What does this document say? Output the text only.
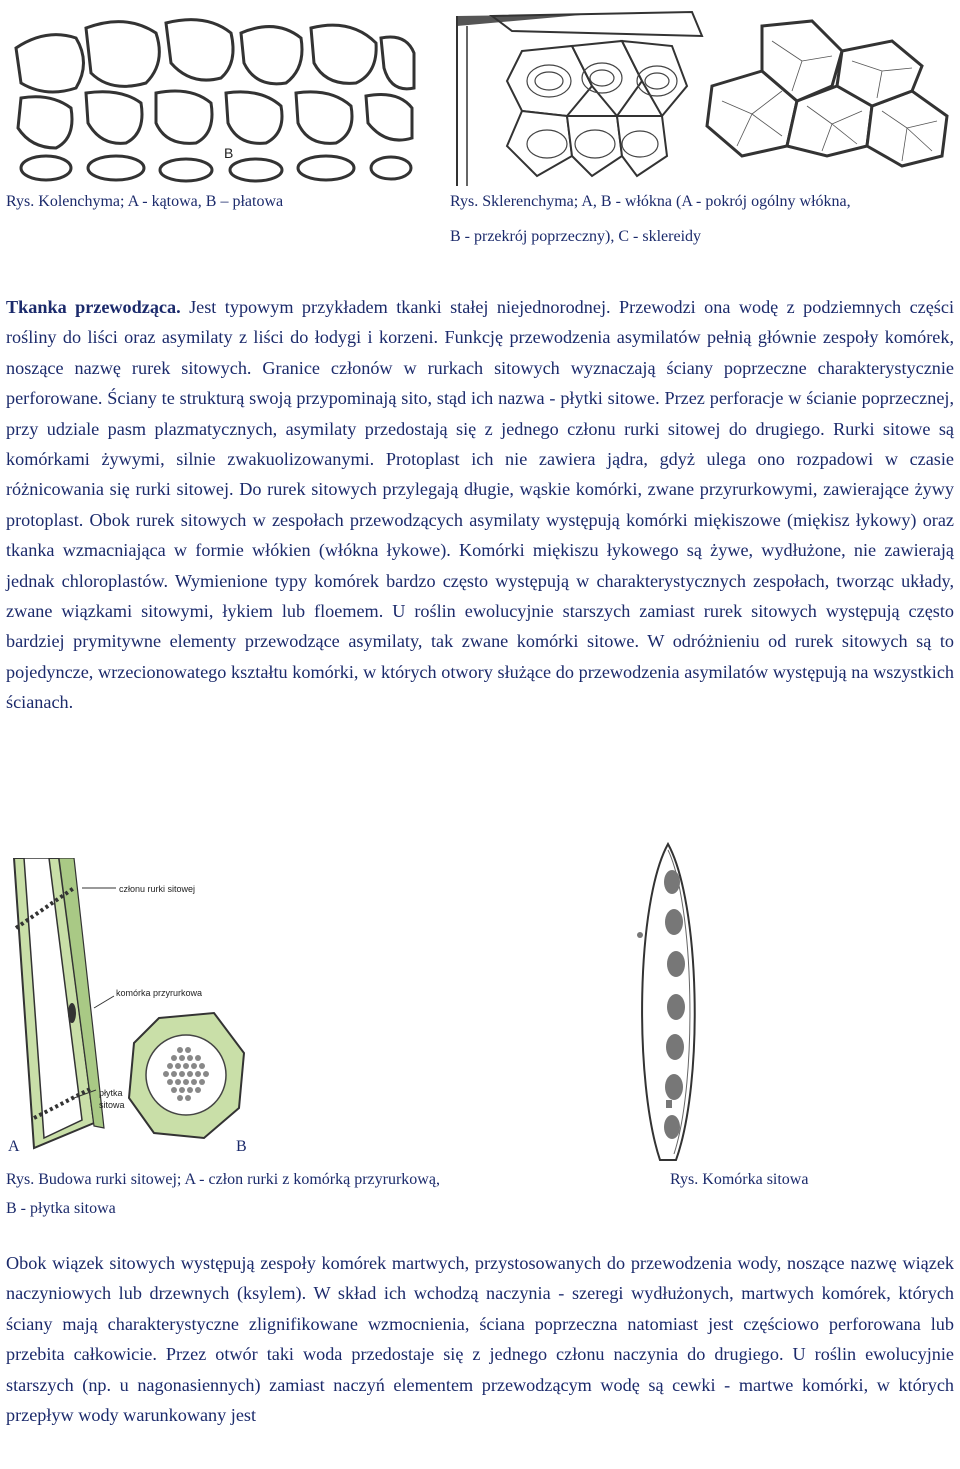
B
Rys. Kolenchyma; A - kątowa, B – płatowa	Rys. Sklerenchyma; A, B - włókna (A - pokrój ogólny włókna,
B - przekrój poprzeczny), C - sklereidy
Tkanka przewodząca. Jest typowym przykładem tkanki stałej niejednorodnej. Przewodzi ona wodę z podziemnych części rośliny do liści oraz asymilaty z liści do łodygi i korzeni. Funkcję przewodzenia asymilatów pełnią głównie zespoły komórek, noszące nazwę rurek sitowych. Granice członów w rurkach sitowych wyznaczają ściany poprzeczne charakterystycznie perforowane. Ściany te strukturą swoją przypominają sito, stąd ich nazwa - płytki sitowe. Przez perforacje w ścianie poprzecznej, przy udziale pasm plazmatycznych, asymilaty przedostają się z jednego członu rurki sitowej do drugiego. Rurki sitowe są komórkami żywymi, silnie zwakuolizowanymi. Protoplast ich nie zawiera jądra, gdyż ulega ono rozpadowi w czasie różnicowania się rurki sitowej. Do rurek sitowych przylegają długie, wąskie komórki, zwane przyrurkowymi, zawierające żywy protoplast. Obok rurek sitowych w zespołach przewodzących asymilaty występują komórki miękiszowe (miękisz łykowy) oraz tkanka wzmacniająca w formie włókien (włókna łykowe). Komórki miękiszu łykowego są żywe, wydłużone, nie zawierają jednak chloroplastów. Wymienione typy komórek bardzo często występują w charakterystycznych zespołach, tworząc układy, zwane wiązkami sitowymi, łykiem lub floemem. U roślin ewolucyjnie starszych zamiast rurek sitowych występują często bardziej prymitywne elementy przewodzące asymilaty, tak zwane komórki sitowe. W odróżnieniu od rurek sitowych są to pojedyncze, wrzecionowatego kształtu komórki, w których otwory służące do przewodzenia asymilatów występują na wszystkich ścianach.
członu rurki sitowej
komórka przyrurkowa
płytka
sitowa
A	B
Rys. Budowa rurki sitowej; A - człon rurki z komórką przyrurkową,
B - płytka sitowa
Rys. Komórka sitowa
Obok wiązek sitowych występują zespoły komórek martwych, przystosowanych do przewodzenia wody, noszące nazwę wiązek naczyniowych lub drzewnych (ksylem). W skład ich wchodzą naczynia - szeregi wydłużonych, martwych komórek, których ściany mają charakterystyczne zlignifikowane wzmocnienia, ściana poprzeczna natomiast jest częściowo perforowana lub przebita całkowicie. Przez otwór taki woda przedostaje się z jednego członu naczynia do drugiego. U roślin ewolucyjnie starszych (np. u nagonasiennych) zamiast naczyń elementem przewodzącym wodę są cewki - martwe komórki, w których przepływ wody warunkowany jest
